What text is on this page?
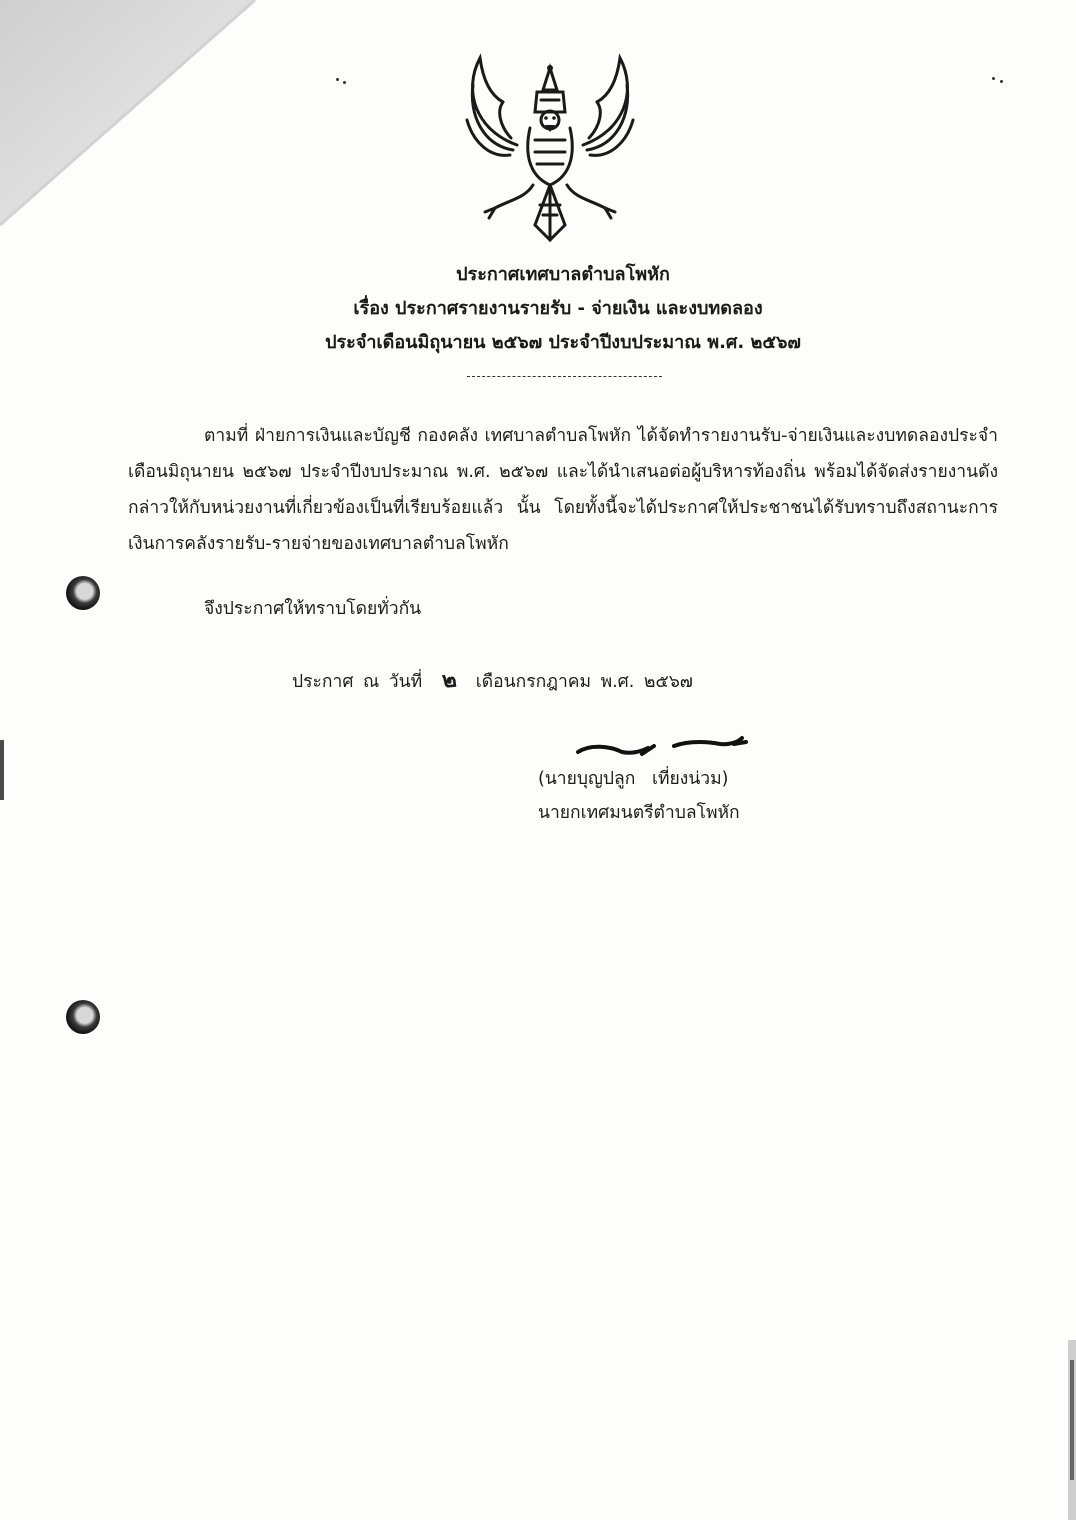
ประกาศเทศบาลตำบลโพหัก
เรื่อง ประกาศรายงานรายรับ - จ่ายเงิน และงบทดลอง
ประจำเดือนมิถุนายน ๒๕๖๗ ประจำปีงบประมาณ พ.ศ. ๒๕๖๗

ตามที่ ฝ่ายการเงินและบัญชี กองคลัง เทศบาลตำบลโพหัก ได้จัดทำรายงานรับ-จ่ายเงินและงบทดลองประจำเดือนมิถุนายน ๒๕๖๗ ประจำปีงบประมาณ พ.ศ. ๒๕๖๗ และได้นำเสนอต่อผู้บริหารท้องถิ่น พร้อมได้จัดส่งรายงานดังกล่าวให้กับหน่วยงานที่เกี่ยวข้องเป็นที่เรียบร้อยแล้ว นั้น โดยทั้งนี้จะได้ประกาศให้ประชาชนได้รับทราบถึงสถานะการเงินการคลังรายรับ-รายจ่ายของเทศบาลตำบลโพหัก

จึงประกาศให้ทราบโดยทั่วกัน
ประกาศ ณ วันที่ ๒ เดือนกรกฎาคม พ.ศ. ๒๕๖๗
(นายบุญปลูก   เที่ยงน่วม)
นายกเทศมนตรีตำบลโพหัก
